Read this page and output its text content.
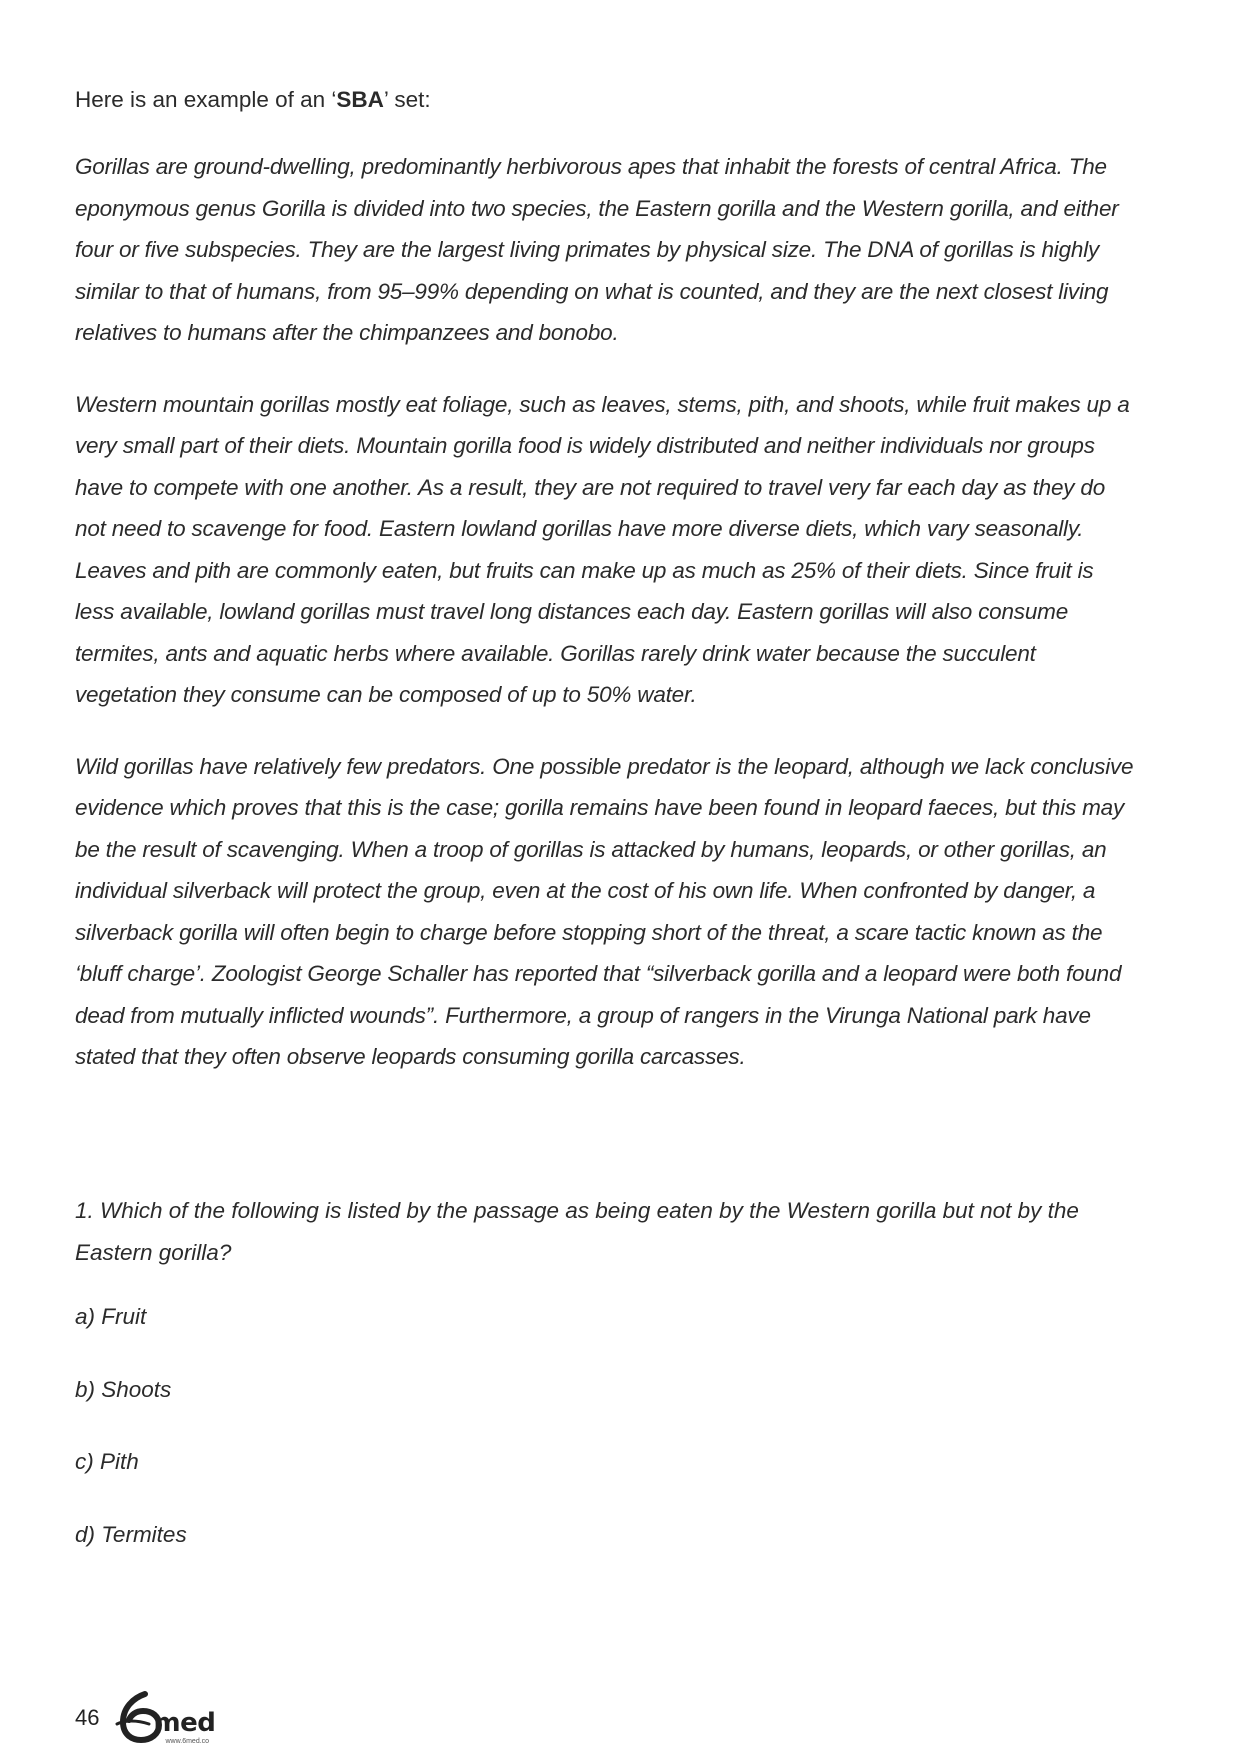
Here is an example of an ‘SBA’ set:

Gorillas are ground-dwelling, predominantly herbivorous apes that inhabit the forests of central Africa. The eponymous genus Gorilla is divided into two species, the Eastern gorilla and the Western gorilla, and either four or five subspecies. They are the largest living primates by physical size. The DNA of gorillas is highly similar to that of humans, from 95–99% depending on what is counted, and they are the next closest living relatives to humans after the chimpanzees and bonobo.

Western mountain gorillas mostly eat foliage, such as leaves, stems, pith, and shoots, while fruit makes up a very small part of their diets. Mountain gorilla food is widely distributed and neither individuals nor groups have to compete with one another. As a result, they are not required to travel very far each day as they do not need to scavenge for food. Eastern lowland gorillas have more diverse diets, which vary seasonally. Leaves and pith are commonly eaten, but fruits can make up as much as 25% of their diets. Since fruit is less available, lowland gorillas must travel long distances each day. Eastern gorillas will also consume termites, ants and aquatic herbs where available. Gorillas rarely drink water because the succulent vegetation they consume can be composed of up to 50% water.

Wild gorillas have relatively few predators. One possible predator is the leopard, although we lack conclusive evidence which proves that this is the case; gorilla remains have been found in leopard faeces, but this may be the result of scavenging. When a troop of gorillas is attacked by humans, leopards, or other gorillas, an individual silverback will protect the group, even at the cost of his own life. When confronted by danger, a silverback gorilla will often begin to charge before stopping short of the threat, a scare tactic known as the ‘bluff charge’. Zoologist George Schaller has reported that “silverback gorilla and a leopard were both found dead from mutually inflicted wounds”. Furthermore, a group of rangers in the Virunga National park have stated that they often observe leopards consuming gorilla carcasses.

1. Which of the following is listed by the passage as being eaten by the Western gorilla but not by the Eastern gorilla?

a) Fruit
b) Shoots
c) Pith
d) Termites
46 med
www.6med.co
